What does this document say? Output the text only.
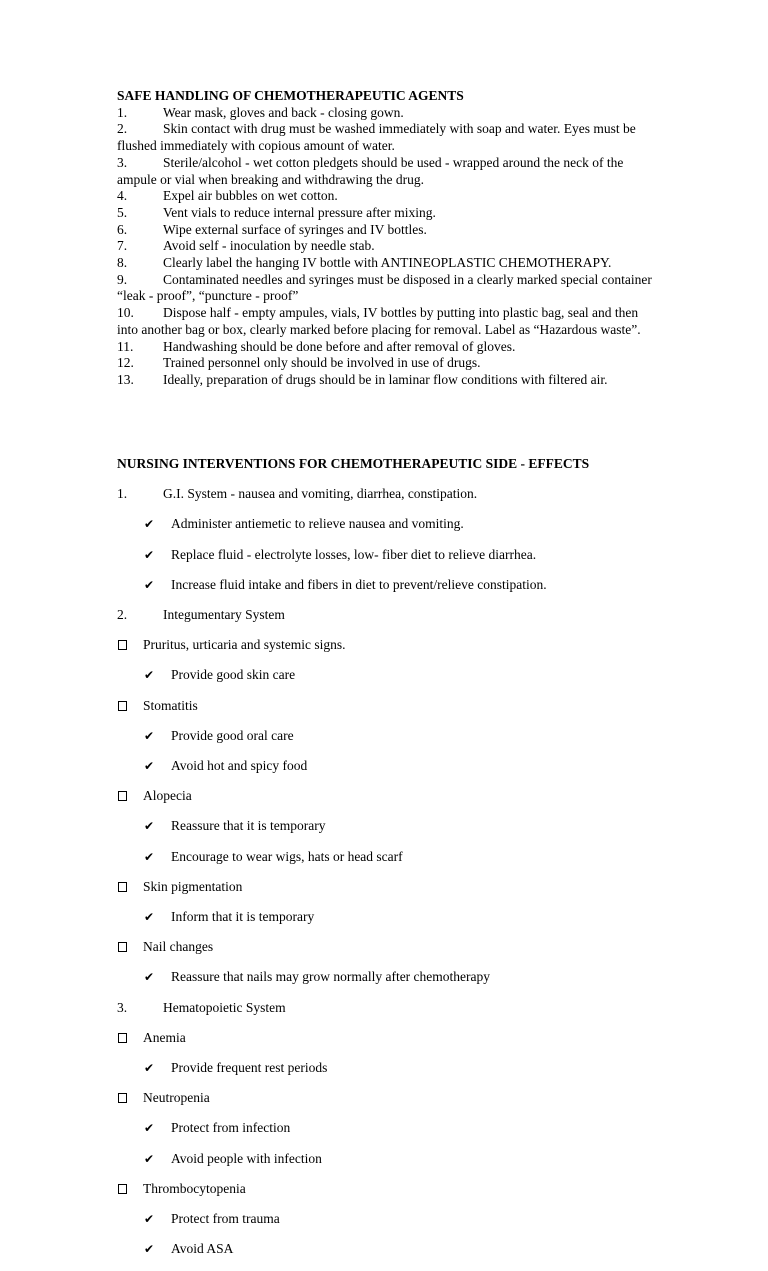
SAFE HANDLING OF CHEMOTHERAPEUTIC AGENTS

1.	Wear mask, gloves and back - closing gown.

2.	Skin contact with drug must be washed immediately with soap and water. Eyes must be flushed immediately with copious amount of water.

3.	Sterile/alcohol - wet cotton pledgets should be used - wrapped around the neck of the ampule or vial when breaking and withdrawing the drug.

4.	Expel air bubbles on wet cotton.

5.	Vent vials to reduce internal pressure after mixing.

6.	Wipe external surface of syringes and IV bottles.

7.	Avoid self - inoculation by needle stab.

8.	Clearly label the hanging IV bottle with ANTINEOPLASTIC CHEMOTHERAPY.

9.	Contaminated needles and syringes must be disposed in a clearly marked special container “leak - proof”, “puncture - proof”

10. Dispose half - empty ampules, vials, IV bottles by putting into plastic bag, seal and then into another bag or box, clearly marked before placing for removal. Label as “Hazardous waste”.

11. Handwashing should be done before and after removal of gloves.

12. Trained personnel only should be involved in use of drugs.

13. Ideally, preparation of drugs should be in laminar flow conditions with filtered air.

NURSING INTERVENTIONS FOR CHEMOTHERAPEUTIC SIDE - EFFECTS

1.	G.I. System - nausea and vomiting, diarrhea, constipation.

✔ Administer antiemetic to relieve nausea and vomiting.

✔ Replace fluid - electrolyte losses, low- fiber diet to relieve diarrhea.

✔ Increase fluid intake and fibers in diet to prevent/relieve constipation.

2.	Integumentary System

Pruritus, urticaria and systemic signs.

✔ Provide good skin care

Stomatitis

✔ Provide good oral care

✔ Avoid hot and spicy food

Alopecia

✔ Reassure that it is temporary

✔ Encourage to wear wigs, hats or head scarf

Skin pigmentation

✔ Inform that it is temporary

Nail changes

✔ Reassure that nails may grow normally after chemotherapy

3.	Hematopoietic System

Anemia

✔ Provide frequent rest periods

Neutropenia

✔ Protect from infection

✔ Avoid people with infection

Thrombocytopenia

✔ Protect from trauma

✔ Avoid ASA
